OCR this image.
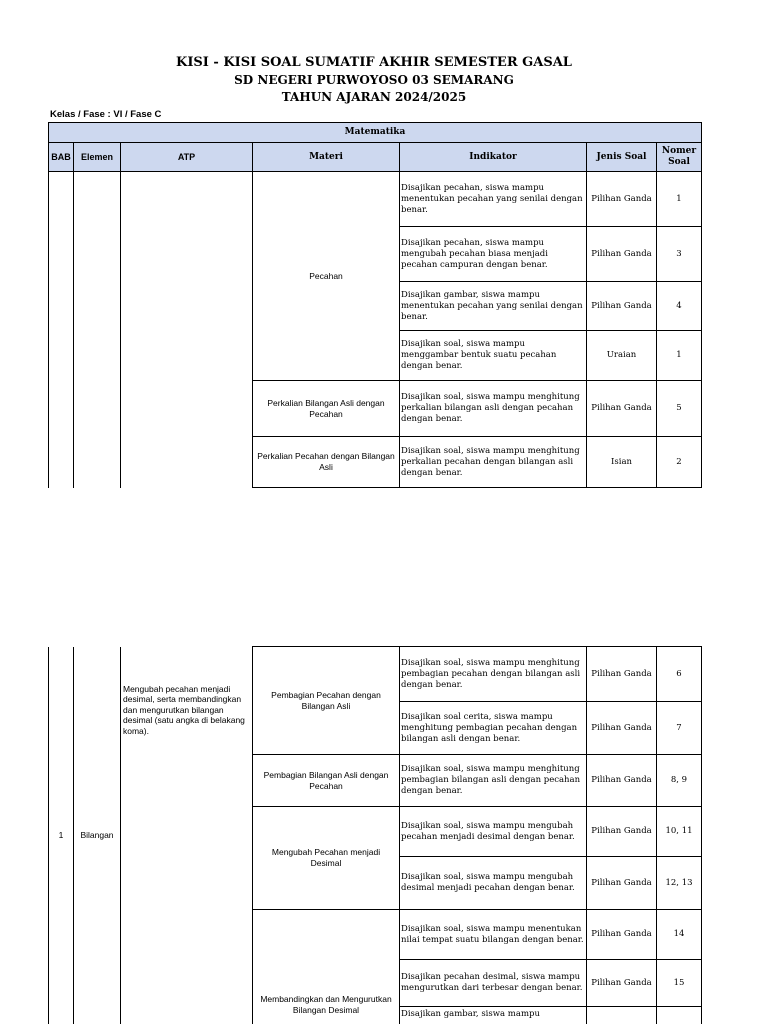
KISI - KISI SOAL SUMATIF AKHIR SEMESTER GASAL
SD NEGERI PURWOYOSO 03 SEMARANG
TAHUN AJARAN 2024/2025
Kelas / Fase : VI / Fase C
Matematika						
BAB	Elemen	ATP	Materi	Indikator	Jenis Soal	Nomer Soal
			Pecahan	Disajikan pecahan, siswa mampu menentukan pecahan yang senilai dengan benar.	Pilihan Ganda	1
				Disajikan pecahan, siswa mampu mengubah pecahan biasa menjadi pecahan campuran dengan benar.	Pilihan Ganda	3
				Disajikan gambar, siswa mampu menentukan pecahan yang senilai dengan benar.	Pilihan Ganda	4
				Disajikan soal, siswa mampu menggambar bentuk suatu pecahan dengan benar.	Uraian	1
			Perkalian Bilangan Asli dengan Pecahan	Disajikan soal, siswa mampu menghitung perkalian bilangan asli dengan pecahan dengan benar.	Pilihan Ganda	5
			Perkalian Pecahan dengan Bilangan Asli	Disajikan soal, siswa mampu menghitung perkalian pecahan dengan bilangan asli dengan benar.	Isian	2
1	Bilangan	Mengubah pecahan menjadi desimal, serta membandingkan dan mengurutkan bilangan desimal (satu angka di belakang koma).	Pembagian Pecahan dengan Bilangan Asli	Disajikan soal, siswa mampu menghitung pembagian pecahan dengan bilangan asli dengan benar.	Pilihan Ganda	6
				Disajikan soal cerita, siswa mampu menghitung pembagian pecahan dengan bilangan asli dengan benar.	Pilihan Ganda	7
			Pembagian Bilangan Asli dengan Pecahan	Disajikan soal, siswa mampu menghitung pembagian bilangan asli dengan pecahan dengan benar.	Pilihan Ganda	8, 9
			Mengubah Pecahan menjadi Desimal	Disajikan soal, siswa mampu mengubah pecahan menjadi desimal dengan benar.	Pilihan Ganda	10, 11
				Disajikan soal, siswa mampu mengubah desimal menjadi pecahan dengan benar.	Pilihan Ganda	12, 13
			Membandingkan dan Mengurutkan Bilangan Desimal	Disajikan soal, siswa mampu menentukan nilai tempat suatu bilangan dengan benar.	Pilihan Ganda	14
				Disajikan pecahan desimal, siswa mampu mengurutkan dari terbesar dengan benar.	Pilihan Ganda	15
				Disajikan gambar, siswa mampu		
